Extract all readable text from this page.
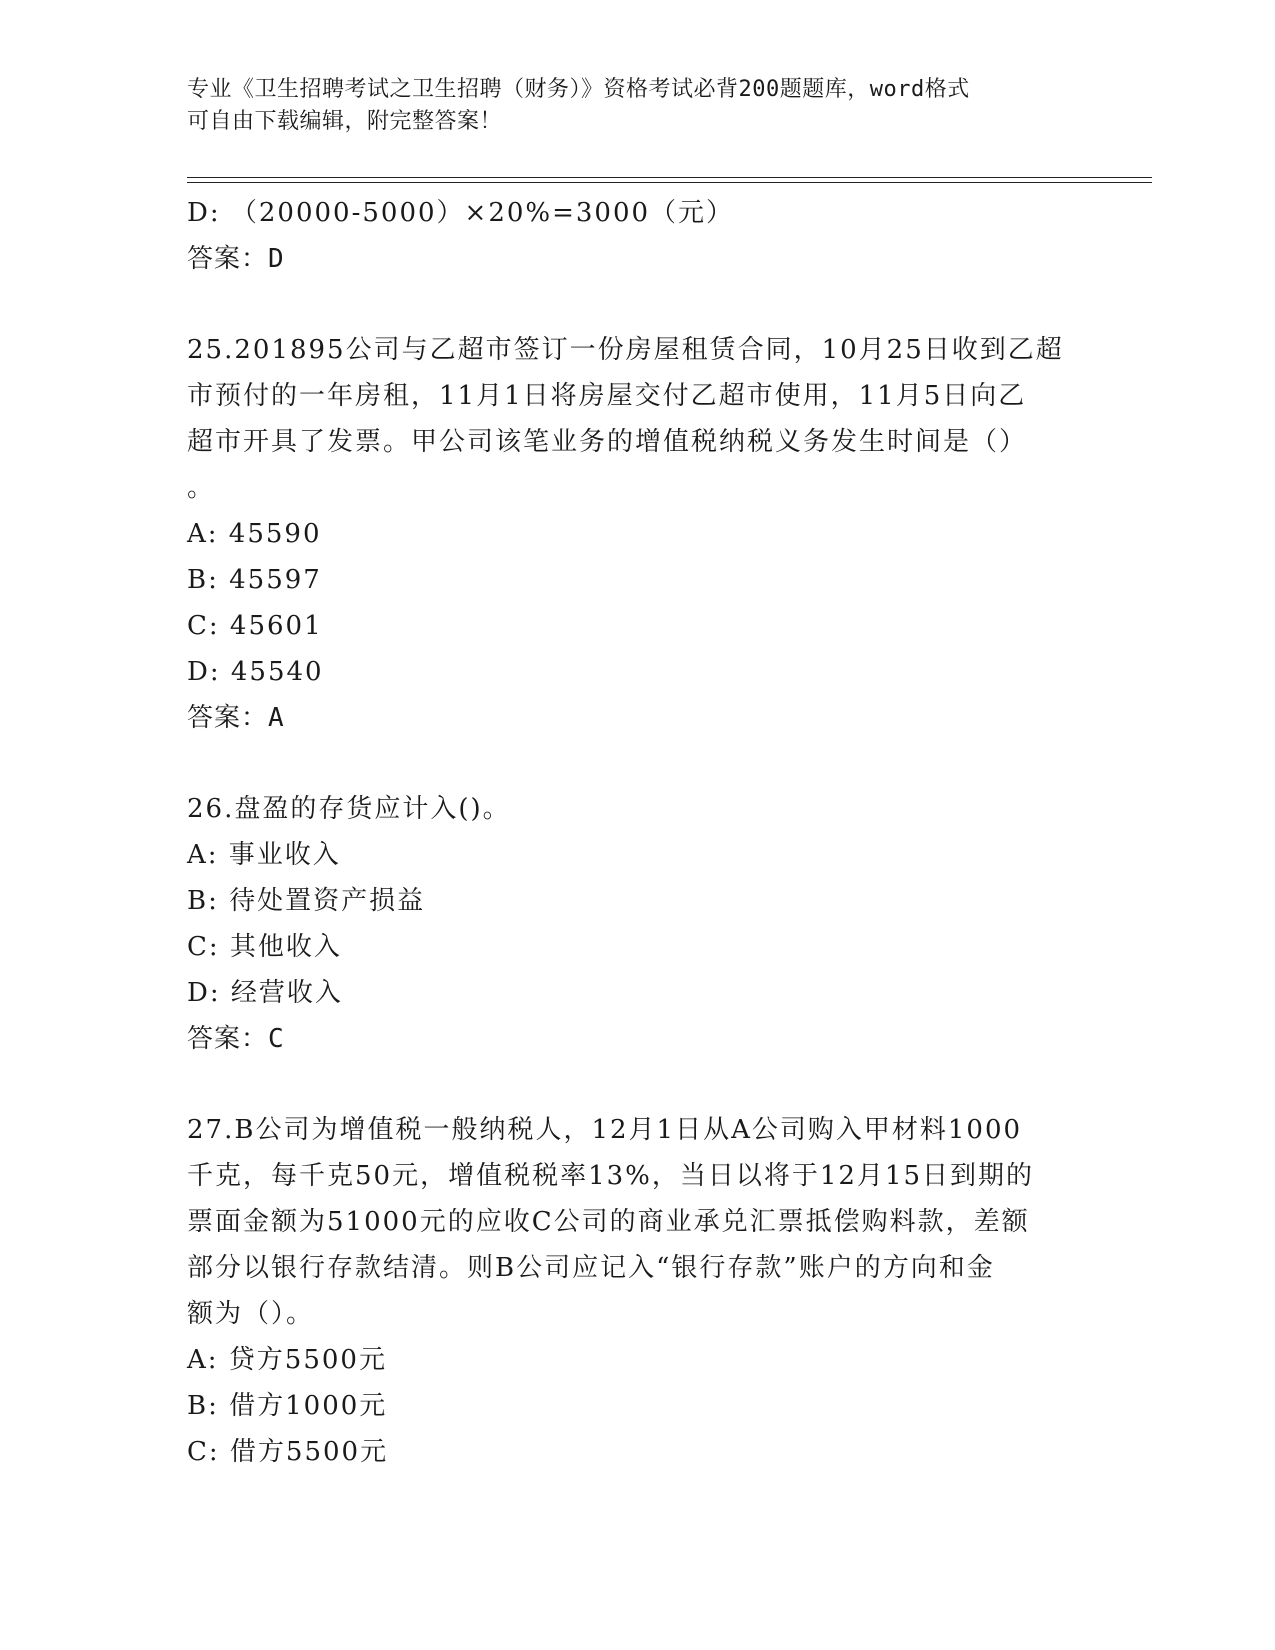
专业《卫生招聘考试之卫生招聘（财务）》资格考试必背200题题库，word格式
可自由下载编辑，附完整答案！
D: （20000-5000）×20%=3000（元）
答案：D
25.201895公司与乙超市签订一份房屋租赁合同，10月25日收到乙超
市预付的一年房租，11月1日将房屋交付乙超市使用，11月5日向乙
超市开具了发票。甲公司该笔业务的增值税纳税义务发生时间是（）
。
A: 45590
B: 45597
C: 45601
D: 45540
答案：A
26.盘盈的存货应计入()。
A: 事业收入
B: 待处置资产损益
C: 其他收入
D: 经营收入
答案：C
27.B公司为增值税一般纳税人，12月1日从A公司购入甲材料1000
千克，每千克50元，增值税税率13%，当日以将于12月15日到期的
票面金额为51000元的应收C公司的商业承兑汇票抵偿购料款，差额
部分以银行存款结清。则B公司应记入“银行存款”账户的方向和金
额为（）。
A: 贷方5500元
B: 借方1000元
C: 借方5500元
